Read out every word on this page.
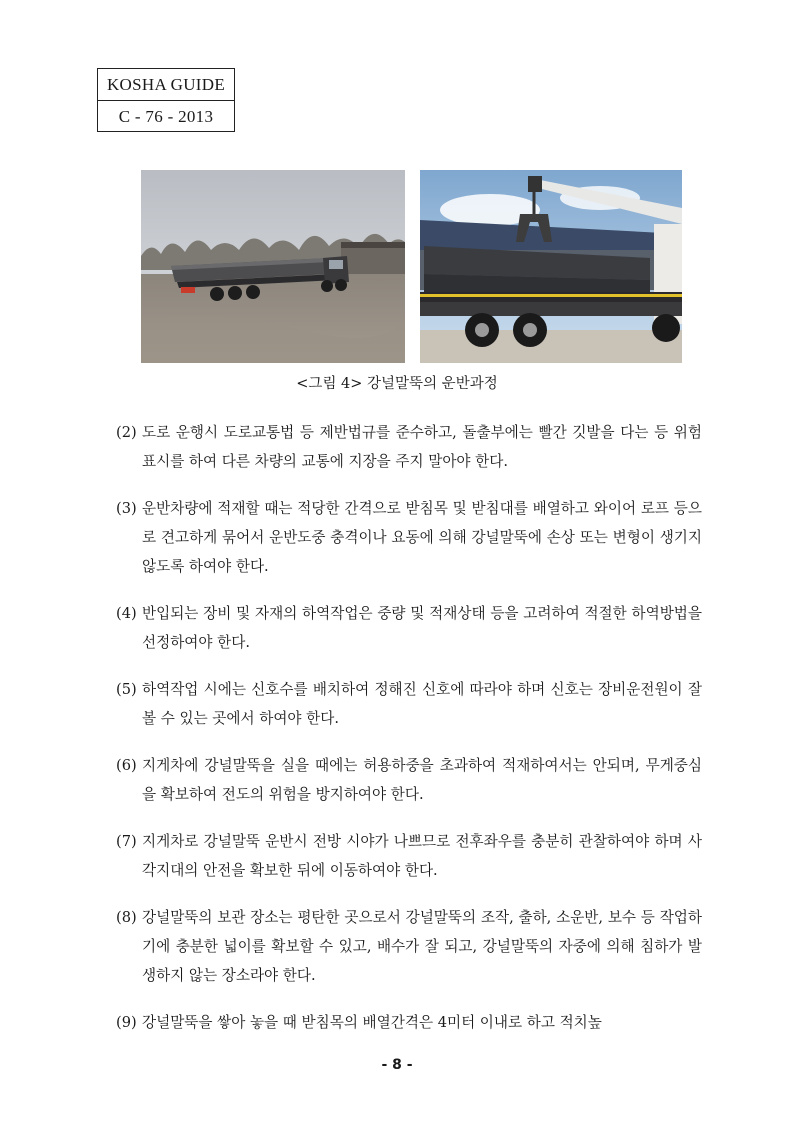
KOSHA GUIDE
C - 76 - 2013
<그림 4> 강널말뚝의 운반과정
(2) 도로 운행시 도로교통법 등 제반법규를 준수하고, 돌출부에는 빨간 깃발을 다는 등 위험표시를 하여 다른 차량의 교통에 지장을 주지 말아야 한다.
(3) 운반차량에 적재할 때는 적당한 간격으로 받침목 및 받침대를 배열하고 와이어 로프 등으로 견고하게 묶어서 운반도중 충격이나 요동에 의해 강널말뚝에 손상 또는 변형이 생기지 않도록 하여야 한다.
(4) 반입되는 장비 및 자재의 하역작업은 중량 및 적재상태 등을 고려하여 적절한 하역방법을 선정하여야 한다.
(5) 하역작업 시에는 신호수를 배치하여 정해진 신호에 따라야 하며 신호는 장비운전원이 잘볼 수 있는 곳에서 하여야 한다.
(6) 지게차에 강널말뚝을 실을 때에는 허용하중을 초과하여 적재하여서는 안되며, 무게중심을 확보하여 전도의 위험을 방지하여야 한다.
(7) 지게차로 강널말뚝 운반시 전방 시야가 나쁘므로 전후좌우를 충분히 관찰하여야 하며 사각지대의 안전을 확보한 뒤에 이동하여야 한다.
(8) 강널말뚝의 보관 장소는 평탄한 곳으로서 강널말뚝의 조작, 출하, 소운반, 보수 등 작업하기에 충분한 넓이를 확보할 수 있고, 배수가 잘 되고, 강널말뚝의 자중에 의해 침하가 발생하지 않는 장소라야 한다.
(9) 강널말뚝을 쌓아 놓을 때 받침목의 배열간격은 4미터 이내로 하고 적치높
- 8 -
